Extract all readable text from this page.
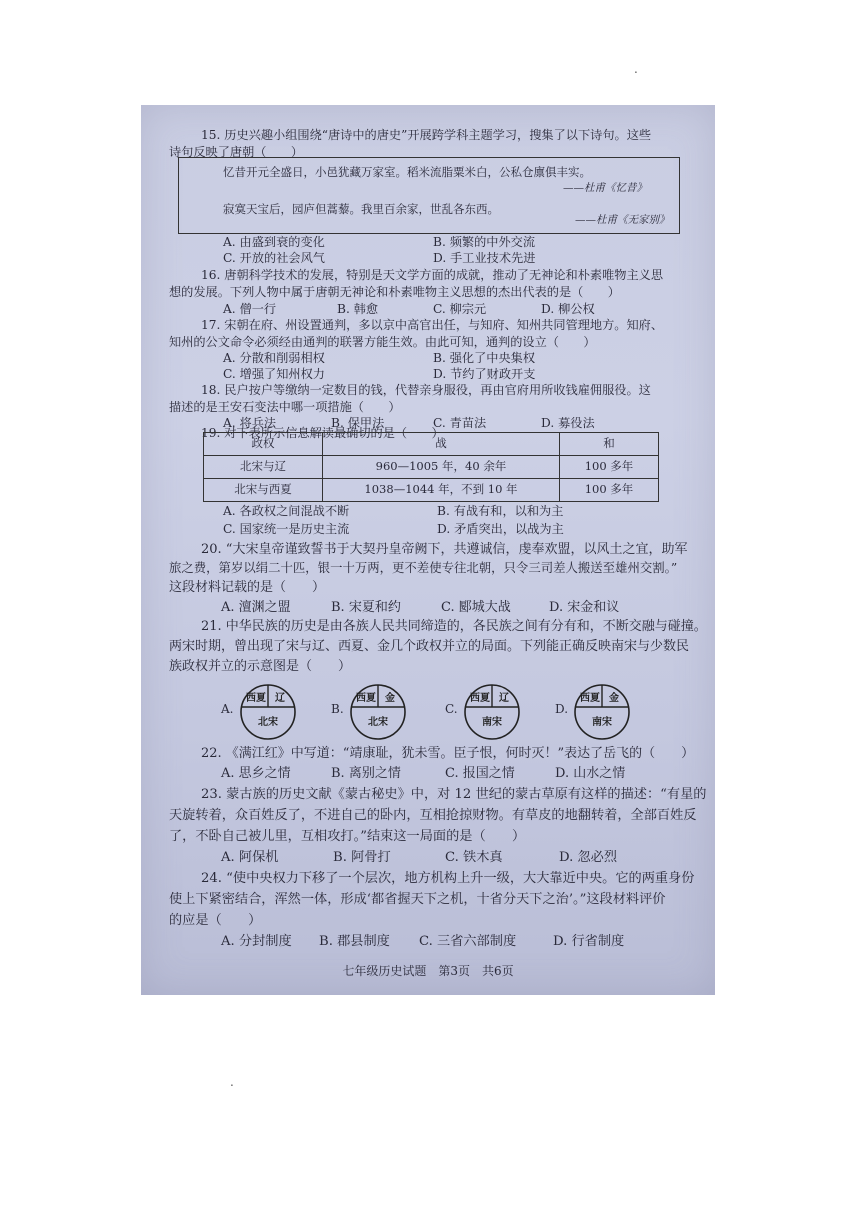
.
.
15. 历史兴趣小组围绕“唐诗中的唐史”开展跨学科主题学习，搜集了以下诗句。这些
诗句反映了唐朝（　　）
忆昔开元全盛日，小邑犹藏万家室。稻米流脂粟米白，公私仓廪俱丰实。
——杜甫《忆昔》
寂寞天宝后，园庐但蒿藜。我里百余家，世乱各东西。
——杜甫《无家别》
A. 由盛到衰的变化	B. 频繁的中外交流
C. 开放的社会风气	D. 手工业技术先进
16. 唐朝科学技术的发展，特别是天文学方面的成就，推动了无神论和朴素唯物主义思
想的发展。下列人物中属于唐朝无神论和朴素唯物主义思想的杰出代表的是（　　）
A. 僧一行	B. 韩愈	C. 柳宗元	D. 柳公权
17. 宋朝在府、州设置通判，多以京中高官出任，与知府、知州共同管理地方。知府、
知州的公文命令必须经由通判的联署方能生效。由此可知，通判的设立（　　）
A. 分散和削弱相权	B. 强化了中央集权
C. 增强了知州权力	D. 节约了财政开支
18. 民户按户等缴纳一定数目的钱，代替亲身服役，再由官府用所收钱雇佣服役。这
描述的是王安石变法中哪一项措施（　　）
A. 将兵法	B. 保甲法	C. 青苗法	D. 募役法
19. 对下表所示信息解读最确切的是（　　）
政权	战	和
北宋与辽	960—1005 年，40 余年	100 多年
北宋与西夏	1038—1044 年，不到 10 年	100 多年
A. 各政权之间混战不断	B. 有战有和，以和为主
C. 国家统一是历史主流	D. 矛盾突出，以战为主
20. “大宋皇帝谨致誓书于大契丹皇帝阙下，共遵诚信，虔奉欢盟，以风土之宜，助军
旅之费，第岁以绢二十匹，银一十万两，更不差使专往北朝，只令三司差人搬送至雄州交割。”
这段材料记载的是（　　）
A. 澶渊之盟	B. 宋夏和约	C. 郾城大战	D. 宋金和议
21. 中华民族的历史是由各族人民共同缔造的，各民族之间有分有和，不断交融与碰撞。
两宋时期，曾出现了宋与辽、西夏、金几个政权并立的局面。下列能正确反映南宋与少数民
族政权并立的示意图是（　　）
A.
西夏 辽
北宋
B.
西夏 金
北宋
C.
西夏 辽
南宋
D.
西夏 金
南宋
22. 《满江红》中写道：“靖康耻，犹未雪。臣子恨，何时灭！”表达了岳飞的（　　）
A. 思乡之情	B. 离别之情	C. 报国之情	D. 山水之情
23. 蒙古族的历史文献《蒙古秘史》中，对 12 世纪的蒙古草原有这样的描述：“有星的
天旋转着，众百姓反了，不进自己的卧内，互相抢掠财物。有草皮的地翻转着，全部百姓反
了，不卧自己被儿里，互相攻打。”结束这一局面的是（　　）
A. 阿保机	B. 阿骨打	C. 铁木真	D. 忽必烈
24. “使中央权力下移了一个层次，地方机构上升一级，大大靠近中央。它的两重身份
使上下紧密结合，浑然一体，形成‘都省握天下之机，十省分天下之治’。”这段材料评价
的应是（　　）
A. 分封制度 B. 郡县制度 C. 三省六部制度	D. 行省制度
七年级历史试题　第3页　共6页
